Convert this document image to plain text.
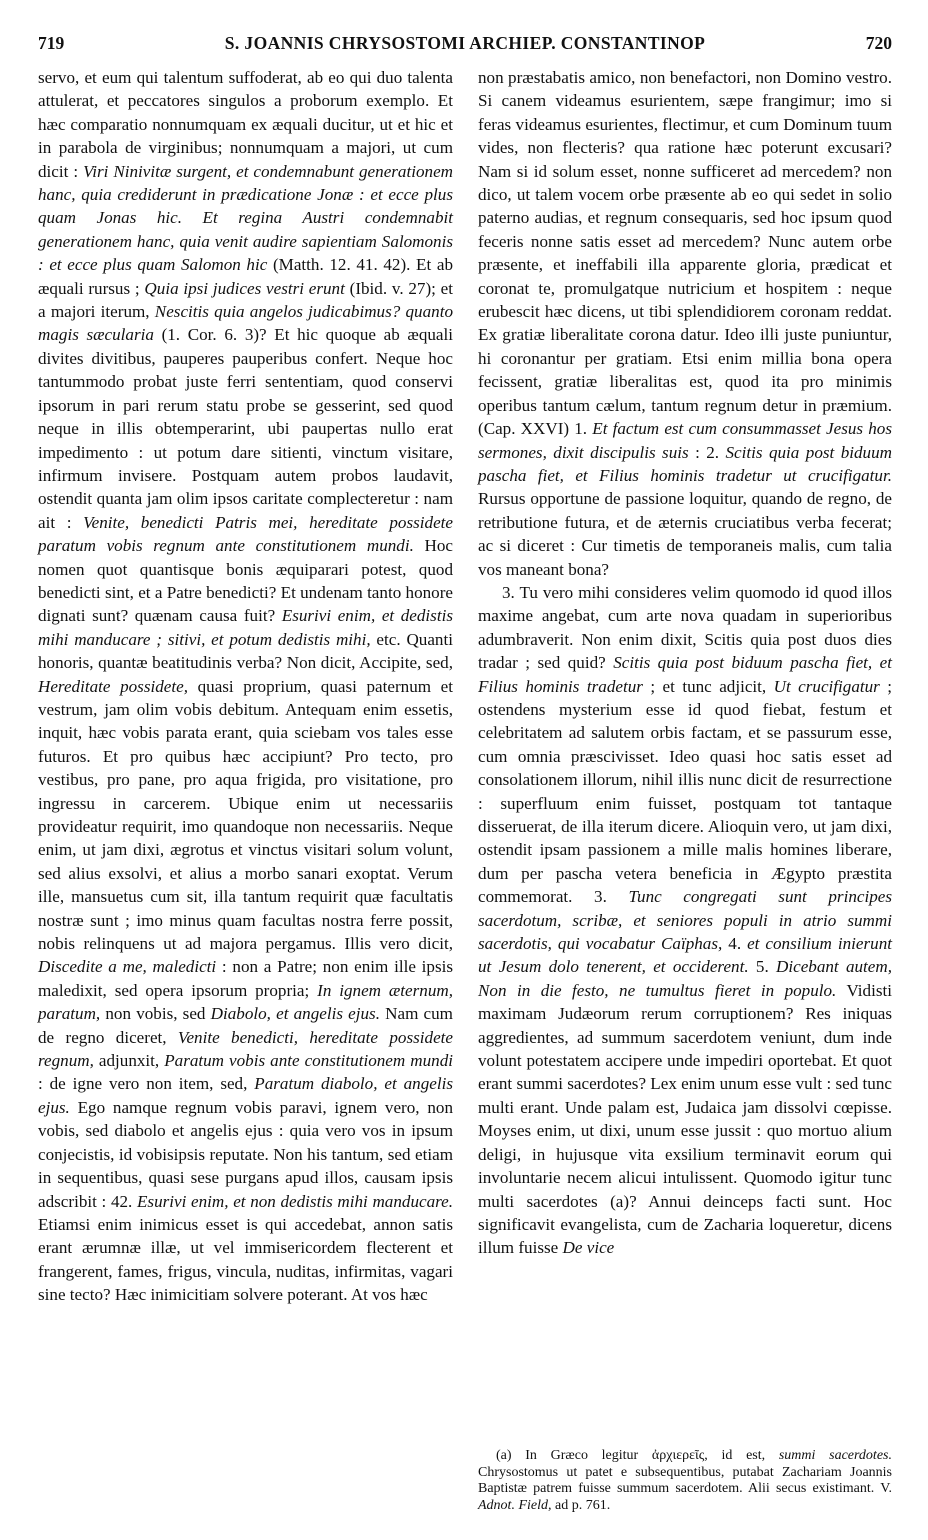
719	S. JOANNIS CHRYSOSTOMI ARCHIEP. CONSTANTINOP	720

servo, et eum qui talentum suffoderat, ab eo qui duo talenta attulerat, et peccatores singulos a proborum exemplo. Et hæc comparatio nonnumquam ex æquali ducitur, ut et hic et in parabola de virginibus; nonnumquam a majori, ut cum dicit : Viri Ninivitæ surgent, et condemnabunt generationem hanc, quia crediderunt in prædicatione Jonæ : et ecce plus quam Jonas hic. Et regina Austri condemnabit generationem hanc, quia venit audire sapientiam Salomonis : et ecce plus quam Salomon hic (Matth. 12. 41. 42). Et ab æquali rursus ; Quia ipsi judices vestri erunt (Ibid. v. 27); et a majori iterum, Nescitis quia angelos judicabimus? quanto magis sæcularia (1. Cor. 6. 3)? Et hic quoque ab æquali divites divitibus, pauperes pauperibus confert. Neque hoc tantummodo probat juste ferri sententiam, quod conservi ipsorum in pari rerum statu probe se gesserint, sed quod neque in illis obtemperarint, ubi paupertas nullo erat impedimento : ut potum dare sitienti, vinctum visitare, infirmum invisere. Postquam autem probos laudavit, ostendit quanta jam olim ipsos caritate complecteretur : nam ait : Venite, benedicti Patris mei, hereditate possidete paratum vobis regnum ante constitutionem mundi. Hoc nomen quot quantisque bonis æquiparari potest, quod benedicti sint, et a Patre benedicti? Et undenam tanto honore dignati sunt? quænam causa fuit? Esurivi enim, et dedistis mihi manducare ; sitivi, et potum dedistis mihi, etc. Quanti honoris, quantæ beatitudinis verba? Non dicit, Accipite, sed, Hereditate possidete, quasi proprium, quasi paternum et vestrum, jam olim vobis debitum. Antequam enim essetis, inquit, hæc vobis parata erant, quia sciebam vos tales esse futuros. Et pro quibus hæc accipiunt? Pro tecto, pro vestibus, pro pane, pro aqua frigida, pro visitatione, pro ingressu in carcerem. Ubique enim ut necessariis provideatur requirit, imo quandoque non necessariis. Neque enim, ut jam dixi, ægrotus et vinctus visitari solum volunt, sed alius exsolvi, et alius a morbo sanari exoptat. Verum ille, mansuetus cum sit, illa tantum requirit quæ facultatis nostræ sunt ; imo minus quam facultas nostra ferre possit, nobis relinquens ut ad majora pergamus. Illis vero dicit, Discedite a me, maledicti : non a Patre; non enim ille ipsis maledixit, sed opera ipsorum propria; In ignem æternum, paratum, non vobis, sed Diabolo, et angelis ejus. Nam cum de regno diceret, Venite benedicti, hereditate possidete regnum, adjunxit, Paratum vobis ante constitutionem mundi : de igne vero non item, sed, Paratum diabolo, et angelis ejus. Ego namque regnum vobis paravi, ignem vero, non vobis, sed diabolo et angelis ejus : quia vero vos in ipsum conjecistis, id vobisipsis reputate. Non his tantum, sed etiam in sequentibus, quasi sese purgans apud illos, causam ipsis adscribit : 42. Esurivi enim, et non dedistis mihi manducare. Etiamsi enim inimicus esset is qui accedebat, annon satis erant ærumnæ illæ, ut vel immisericordem flecterent et frangerent, fames, frigus, vincula, nuditas, infirmitas, vagari sine tecto? Hæc inimicitiam solvere poterant. At vos hæc

non præstabatis amico, non benefactori, non Domino vestro. Si canem videamus esurientem, sæpe frangimur; imo si feras videamus esurientes, flectimur, et cum Dominum tuum vides, non flecteris? qua ratione hæc poterunt excusari? Nam si id solum esset, nonne sufficeret ad mercedem? non dico, ut talem vocem orbe præsente ab eo qui sedet in solio paterno audias, et regnum consequaris, sed hoc ipsum quod feceris nonne satis esset ad mercedem? Nunc autem orbe præsente, et ineffabili illa apparente gloria, prædicat et coronat te, promulgatque nutricium et hospitem : neque erubescit hæc dicens, ut tibi splendidiorem coronam reddat. Ex gratiæ liberalitate corona datur. Ideo illi juste puniuntur, hi coronantur per gratiam. Etsi enim millia bona opera fecissent, gratiæ liberalitas est, quod ita pro minimis operibus tantum cælum, tantum regnum detur in præmium. (Cap. XXVI) 1. Et factum est cum consummasset Jesus hos sermones, dixit discipulis suis : 2. Scitis quia post biduum pascha fiet, et Filius hominis tradetur ut crucifigatur. Rursus opportune de passione loquitur, quando de regno, de retributione futura, et de æternis cruciatibus verba fecerat; ac si diceret : Cur timetis de temporaneis malis, cum talia vos maneant bona?

3. Tu vero mihi consideres velim quomodo id quod illos maxime angebat, cum arte nova quadam in superioribus adumbraverit. Non enim dixit, Scitis quia post duos dies tradar ; sed quid? Scitis quia post biduum pascha fiet, et Filius hominis tradetur ; et tunc adjicit, Ut crucifigatur ; ostendens mysterium esse id quod fiebat, festum et celebritatem ad salutem orbis factam, et se passurum esse, cum omnia præscivisset. Ideo quasi hoc satis esset ad consolationem illorum, nihil illis nunc dicit de resurrectione : superfluum enim fuisset, postquam tot tantaque disseruerat, de illa iterum dicere. Alioquin vero, ut jam dixi, ostendit ipsam passionem a mille malis homines liberare, dum per pascha vetera beneficia in Ægypto præstita commemorat. 3. Tunc congregati sunt principes sacerdotum, scribæ, et seniores populi in atrio summi sacerdotis, qui vocabatur Caïphas, 4. et consilium inierunt ut Jesum dolo tenerent, et occiderent. 5. Dicebant autem, Non in die festo, ne tumultus fieret in populo. Vidisti maximam Judæorum rerum corruptionem? Res iniquas aggredientes, ad summum sacerdotem veniunt, dum inde volunt potestatem accipere unde impediri oportebat. Et quot erant summi sacerdotes? Lex enim unum esse vult : sed tunc multi erant. Unde palam est, Judaica jam dissolvi cœpisse. Moyses enim, ut dixi, unum esse jussit : quo mortuo alium deligi, in hujusque vita exsilium terminavit eorum qui involuntarie necem alicui intulissent. Quomodo igitur tunc multi sacerdotes (a)? Annui deinceps facti sunt. Hoc significavit evangelista, cum de Zacharia loqueretur, dicens illum fuisse De vice

(a) In Græco legitur ἀρχιερεῖς, id est, summi sacerdotes. Chrysostomus ut patet e subsequentibus, putabat Zachariam Joannis Baptistæ patrem fuisse summum sacerdotem. Alii secus existimant. V. Adnot. Field, ad p. 761.
